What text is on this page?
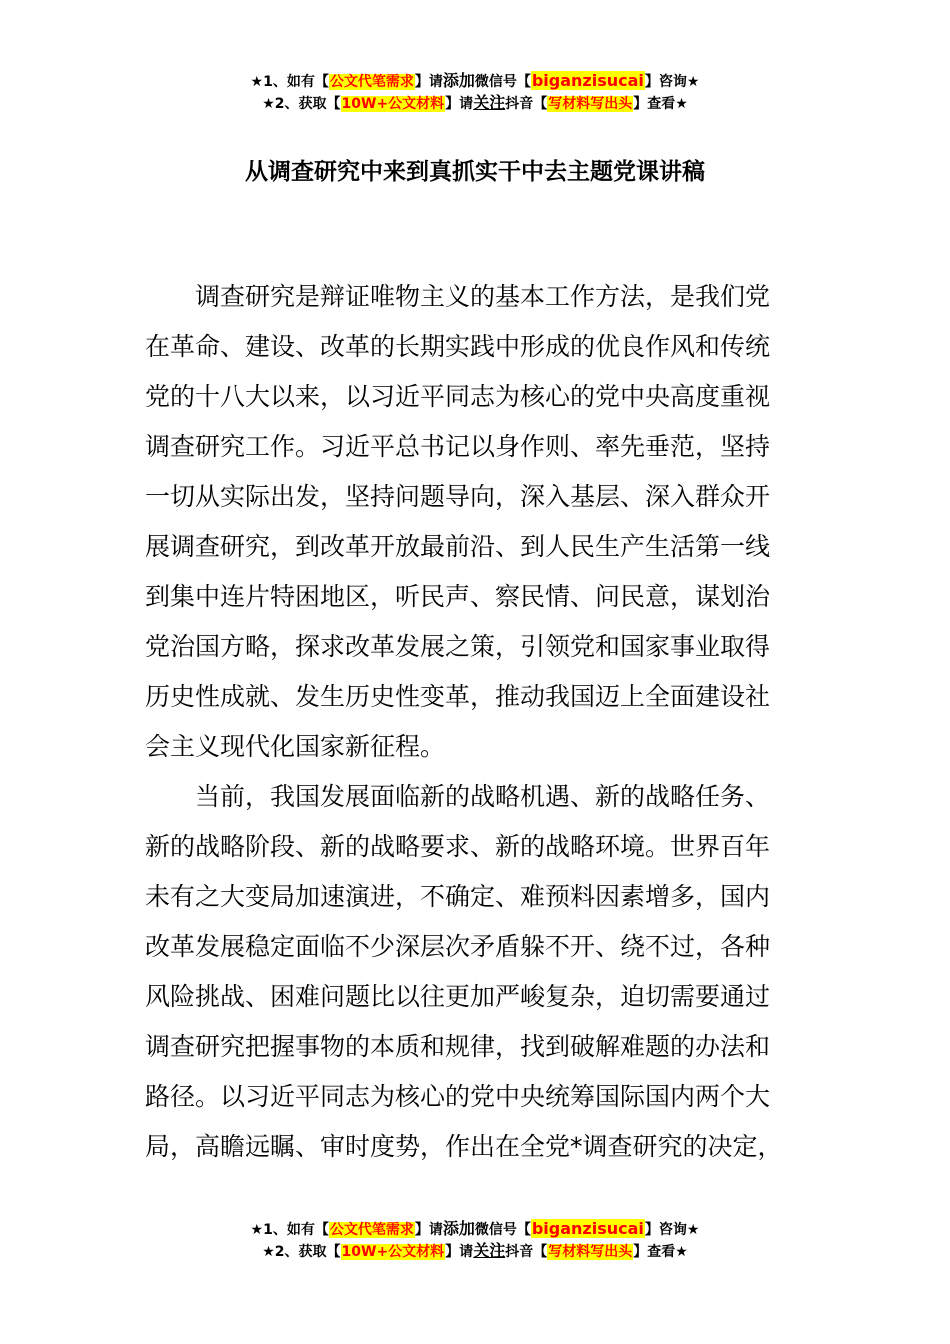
★1、如有【公文代笔需求】请添加微信号【biganzisucai】咨询★
★2、获取【10W+公文材料】请关注抖音【写材料写出头】查看★
从调查研究中来到真抓实干中去主题党课讲稿
调查研究是辩证唯物主义的基本工作方法，是我们党
在革命、建设、改革的长期实践中形成的优良作风和传统
党的十八大以来，以习近平同志为核心的党中央高度重视
调查研究工作。习近平总书记以身作则、率先垂范，坚持
一切从实际出发，坚持问题导向，深入基层、深入群众开
展调查研究，到改革开放最前沿、到人民生产生活第一线
到集中连片特困地区，听民声、察民情、问民意，谋划治
党治国方略，探求改革发展之策，引领党和国家事业取得
历史性成就、发生历史性变革，推动我国迈上全面建设社
会主义现代化国家新征程。
当前，我国发展面临新的战略机遇、新的战略任务、
新的战略阶段、新的战略要求、新的战略环境。世界百年
未有之大变局加速演进，不确定、难预料因素增多，国内
改革发展稳定面临不少深层次矛盾躲不开、绕不过，各种
风险挑战、困难问题比以往更加严峻复杂，迫切需要通过
调查研究把握事物的本质和规律，找到破解难题的办法和
路径。以习近平同志为核心的党中央统筹国际国内两个大
局，高瞻远瞩、审时度势，作出在全党*调查研究的决定，
★1、如有【公文代笔需求】请添加微信号【biganzisucai】咨询★
★2、获取【10W+公文材料】请关注抖音【写材料写出头】查看★
